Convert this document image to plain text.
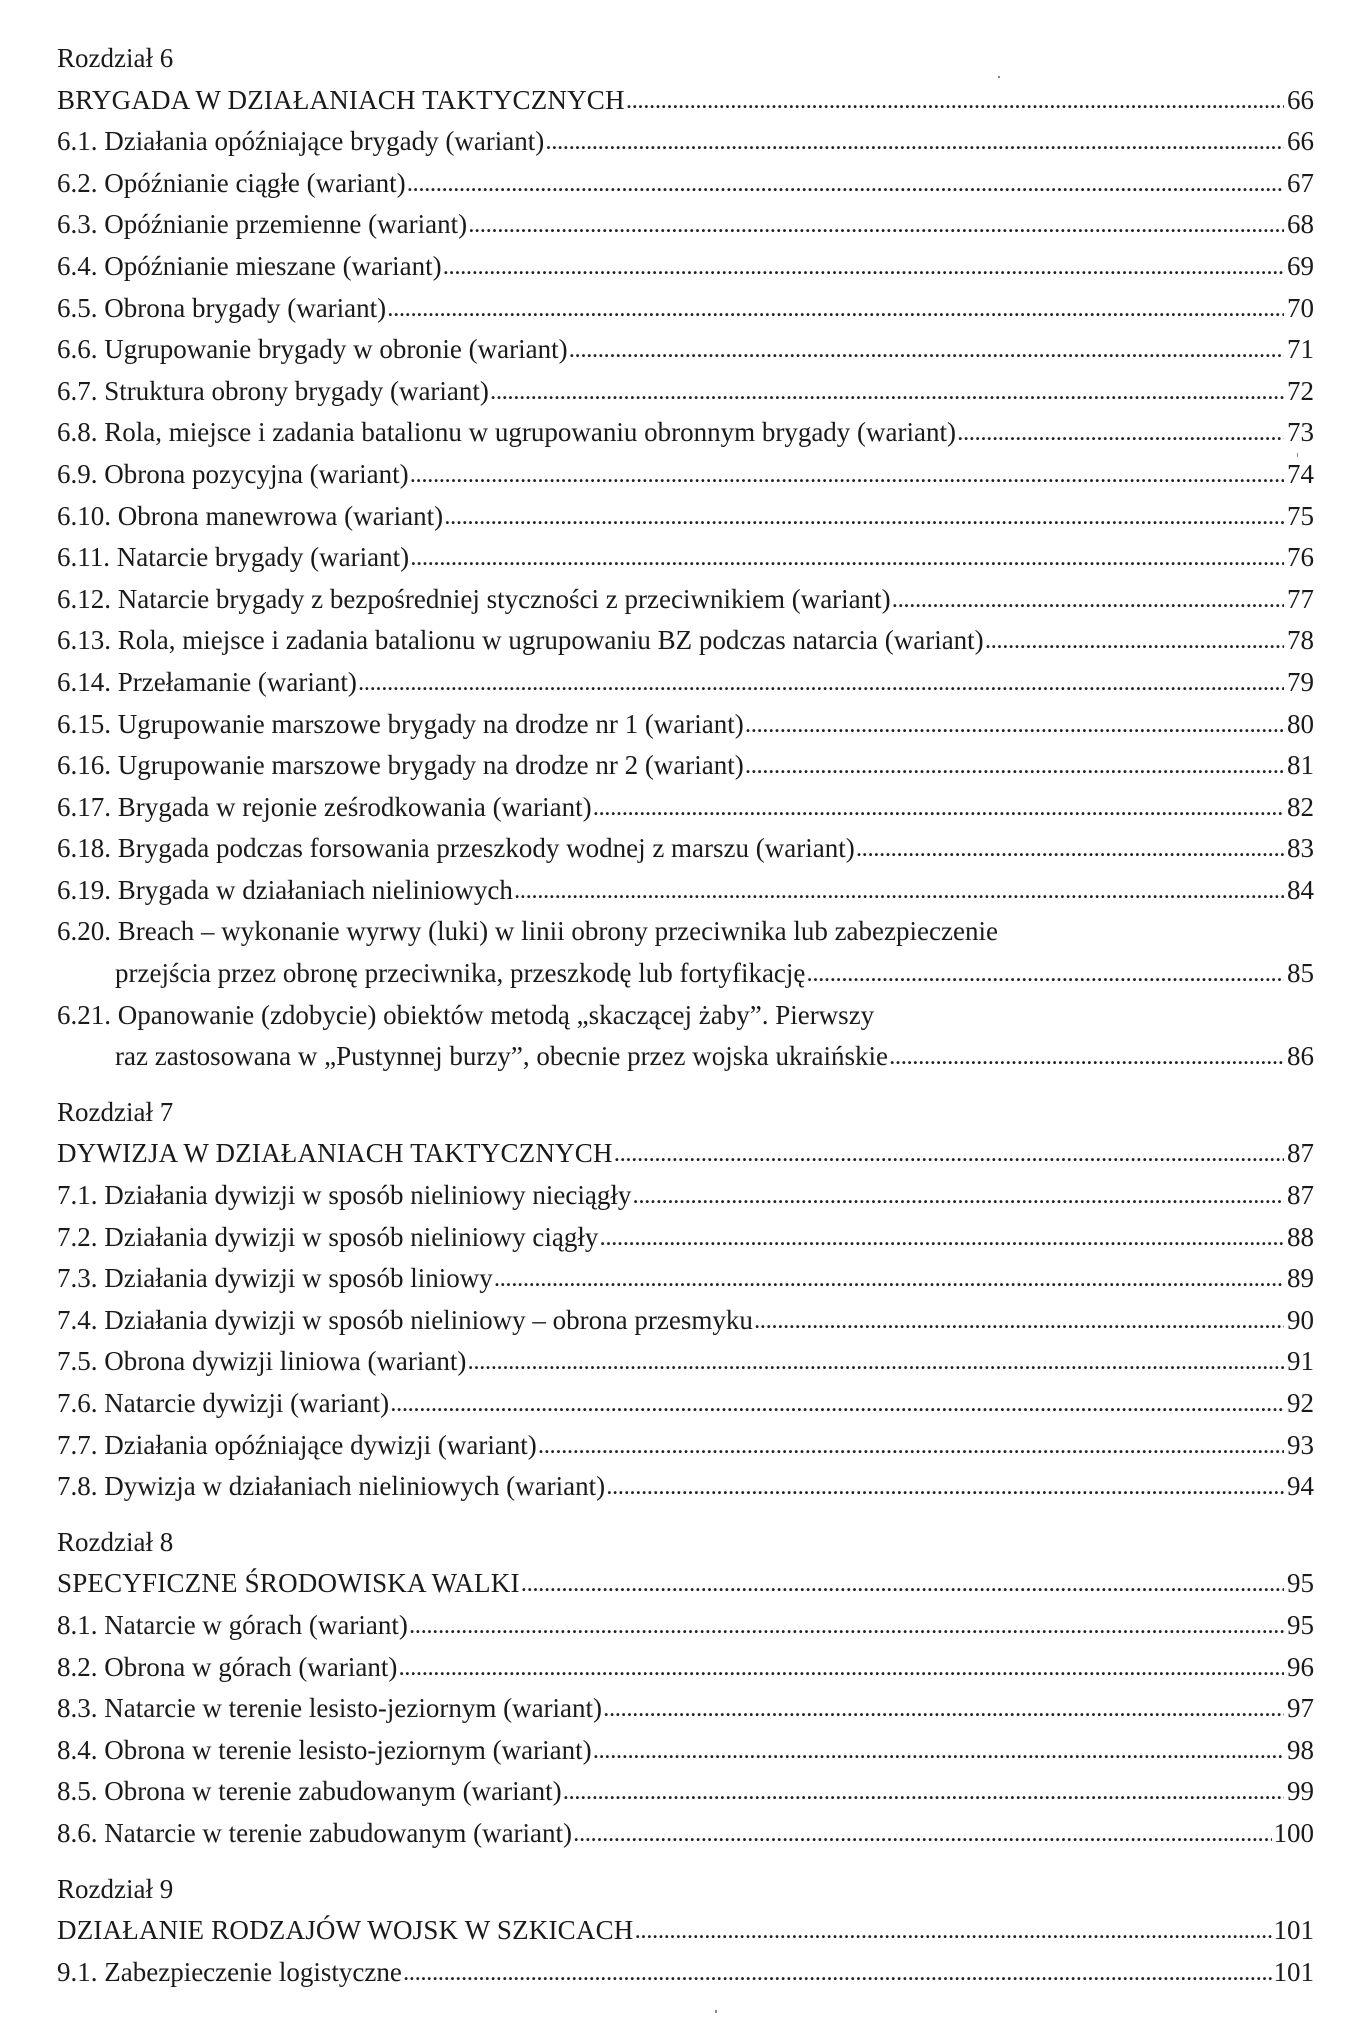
Rozdział 6
BRYGADA W DZIAŁANIACH TAKTYCZNYCH . . .	66
6.1. Działania opóźniające brygady (wariant) . . .	66
6.2. Opóźnianie ciągłe (wariant) . . .	67
6.3. Opóźnianie przemienne (wariant) . . .	68
6.4. Opóźnianie mieszane (wariant) . . .	69
6.5. Obrona brygady (wariant) . . .	70
6.6. Ugrupowanie brygady w obronie (wariant) . . .	71
6.7. Struktura obrony brygady (wariant) . . .	72
6.8. Rola, miejsce i zadania batalionu w ugrupowaniu obronnym brygady (wariant) . . .	73
6.9. Obrona pozycyjna (wariant) . . .	74
6.10. Obrona manewrowa (wariant) . . .	75
6.11. Natarcie brygady (wariant) . . .	76
6.12. Natarcie brygady z bezpośredniej styczności z przeciwnikiem (wariant) . . .	77
6.13. Rola, miejsce i zadania batalionu w ugrupowaniu BZ podczas natarcia (wariant) . . .	78
6.14. Przełamanie (wariant) . . .	79
6.15. Ugrupowanie marszowe brygady na drodze nr 1 (wariant) . . .	80
6.16. Ugrupowanie marszowe brygady na drodze nr 2 (wariant) . . .	81
6.17. Brygada w rejonie ześrodkowania (wariant) . . .	82
6.18. Brygada podczas forsowania przeszkody wodnej z marszu (wariant) . . .	83
6.19. Brygada w działaniach nieliniowych . . .	84
6.20. Breach – wykonanie wyrwy (luki) w linii obrony przeciwnika lub zabezpieczenie
przejścia przez obronę przeciwnika, przeszkodę lub fortyfikację . . .	85
6.21. Opanowanie (zdobycie) obiektów metodą „skaczącej żaby”. Pierwszy
raz zastosowana w „Pustynnej burzy”, obecnie przez wojska ukraińskie . . .	86
Rozdział 7
DYWIZJA W DZIAŁANIACH TAKTYCZNYCH . . .	87
7.1. Działania dywizji w sposób nieliniowy nieciągły . . .	87
7.2. Działania dywizji w sposób nieliniowy ciągły . . .	88
7.3. Działania dywizji w sposób liniowy . . .	89
7.4. Działania dywizji w sposób nieliniowy – obrona przesmyku . . .	90
7.5. Obrona dywizji liniowa (wariant) . . .	91
7.6. Natarcie dywizji (wariant) . . .	92
7.7. Działania opóźniające dywizji (wariant) . . .	93
7.8. Dywizja w działaniach nieliniowych (wariant) . . .	94
Rozdział 8
SPECYFICZNE ŚRODOWISKA WALKI . . .	95
8.1. Natarcie w górach (wariant) . . .	95
8.2. Obrona w górach (wariant) . . .	96
8.3. Natarcie w terenie lesisto-jeziornym (wariant) . . .	97
8.4. Obrona w terenie lesisto-jeziornym (wariant) . . .	98
8.5. Obrona w terenie zabudowanym (wariant) . . .	99
8.6. Natarcie w terenie zabudowanym (wariant) . . .	100
Rozdział 9
DZIAŁANIE RODZAJÓW WOJSK W SZKICACH . . .	101
9.1. Zabezpieczenie logistyczne . . .	101
